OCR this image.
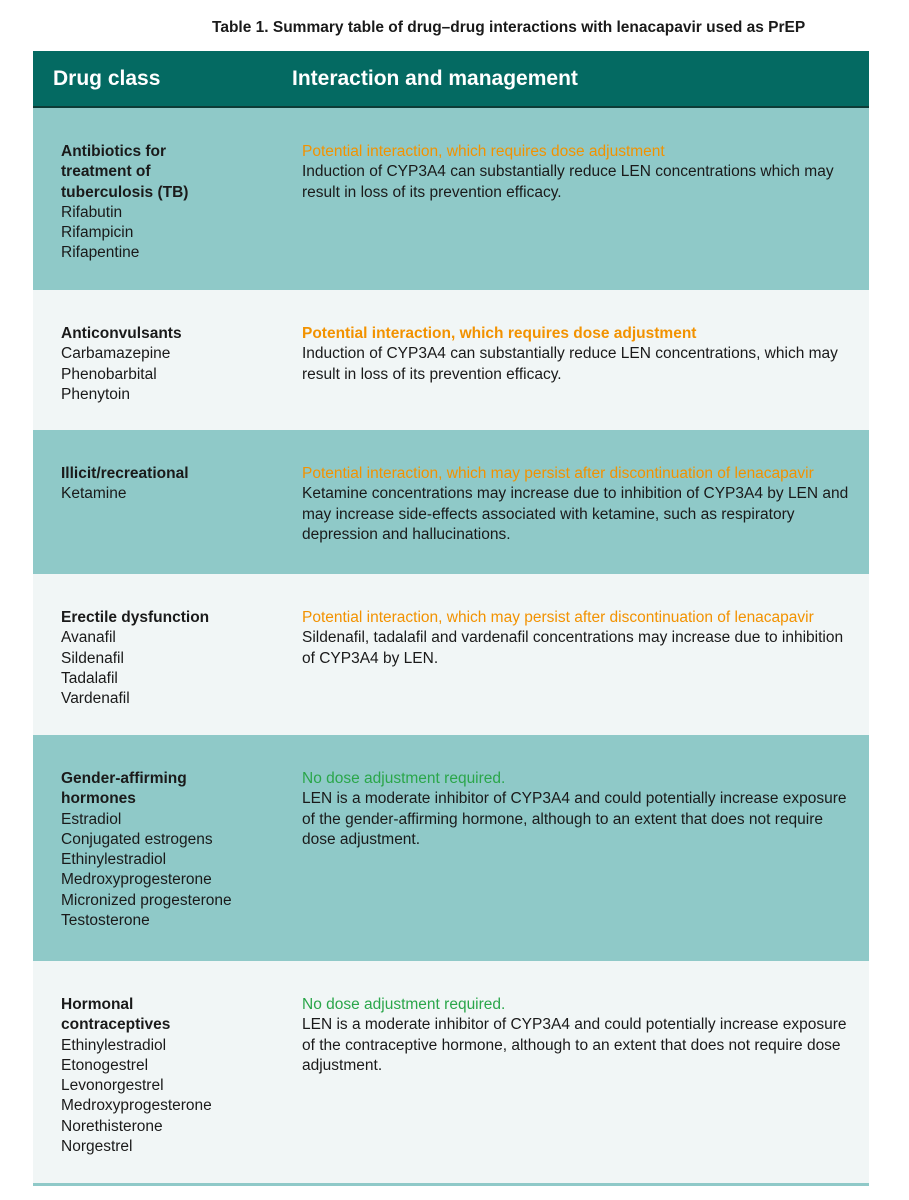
Table 1. Summary table of drug–drug interactions with lenacapavir used as PrEP
Drug class	Interaction and management
Antibiotics for treatment of tuberculosis (TB)
Rifabutin
Rifampicin
Rifapentine
Potential interaction, which requires dose adjustment
Induction of CYP3A4 can substantially reduce LEN concentrations which may result in loss of its prevention efficacy.
Anticonvulsants
Carbamazepine
Phenobarbital
Phenytoin
Potential interaction, which requires dose adjustment
Induction of CYP3A4 can substantially reduce LEN concentrations, which may result in loss of its prevention efficacy.
Illicit/recreational
Ketamine
Potential interaction, which may persist after discontinuation of lenacapavir
Ketamine concentrations may increase due to inhibition of CYP3A4 by LEN and may increase side-effects associated with ketamine, such as respiratory depression and hallucinations.
Erectile dysfunction
Avanafil
Sildenafil
Tadalafil
Vardenafil
Potential interaction, which may persist after discontinuation of lenacapavir
Sildenafil, tadalafil and vardenafil concentrations may increase due to inhibition of CYP3A4 by LEN.
Gender-affirming hormones
Estradiol
Conjugated estrogens
Ethinylestradiol
Medroxyprogesterone
Micronized progesterone
Testosterone
No dose adjustment required.
LEN is a moderate inhibitor of CYP3A4 and could potentially increase exposure of the gender-affirming hormone, although to an extent that does not require dose adjustment.
Hormonal contraceptives
Ethinylestradiol
Etonogestrel
Levonorgestrel
Medroxyprogesterone
Norethisterone
Norgestrel
No dose adjustment required.
LEN is a moderate inhibitor of CYP3A4 and could potentially increase exposure of the contraceptive hormone, although to an extent that does not require dose adjustment.
